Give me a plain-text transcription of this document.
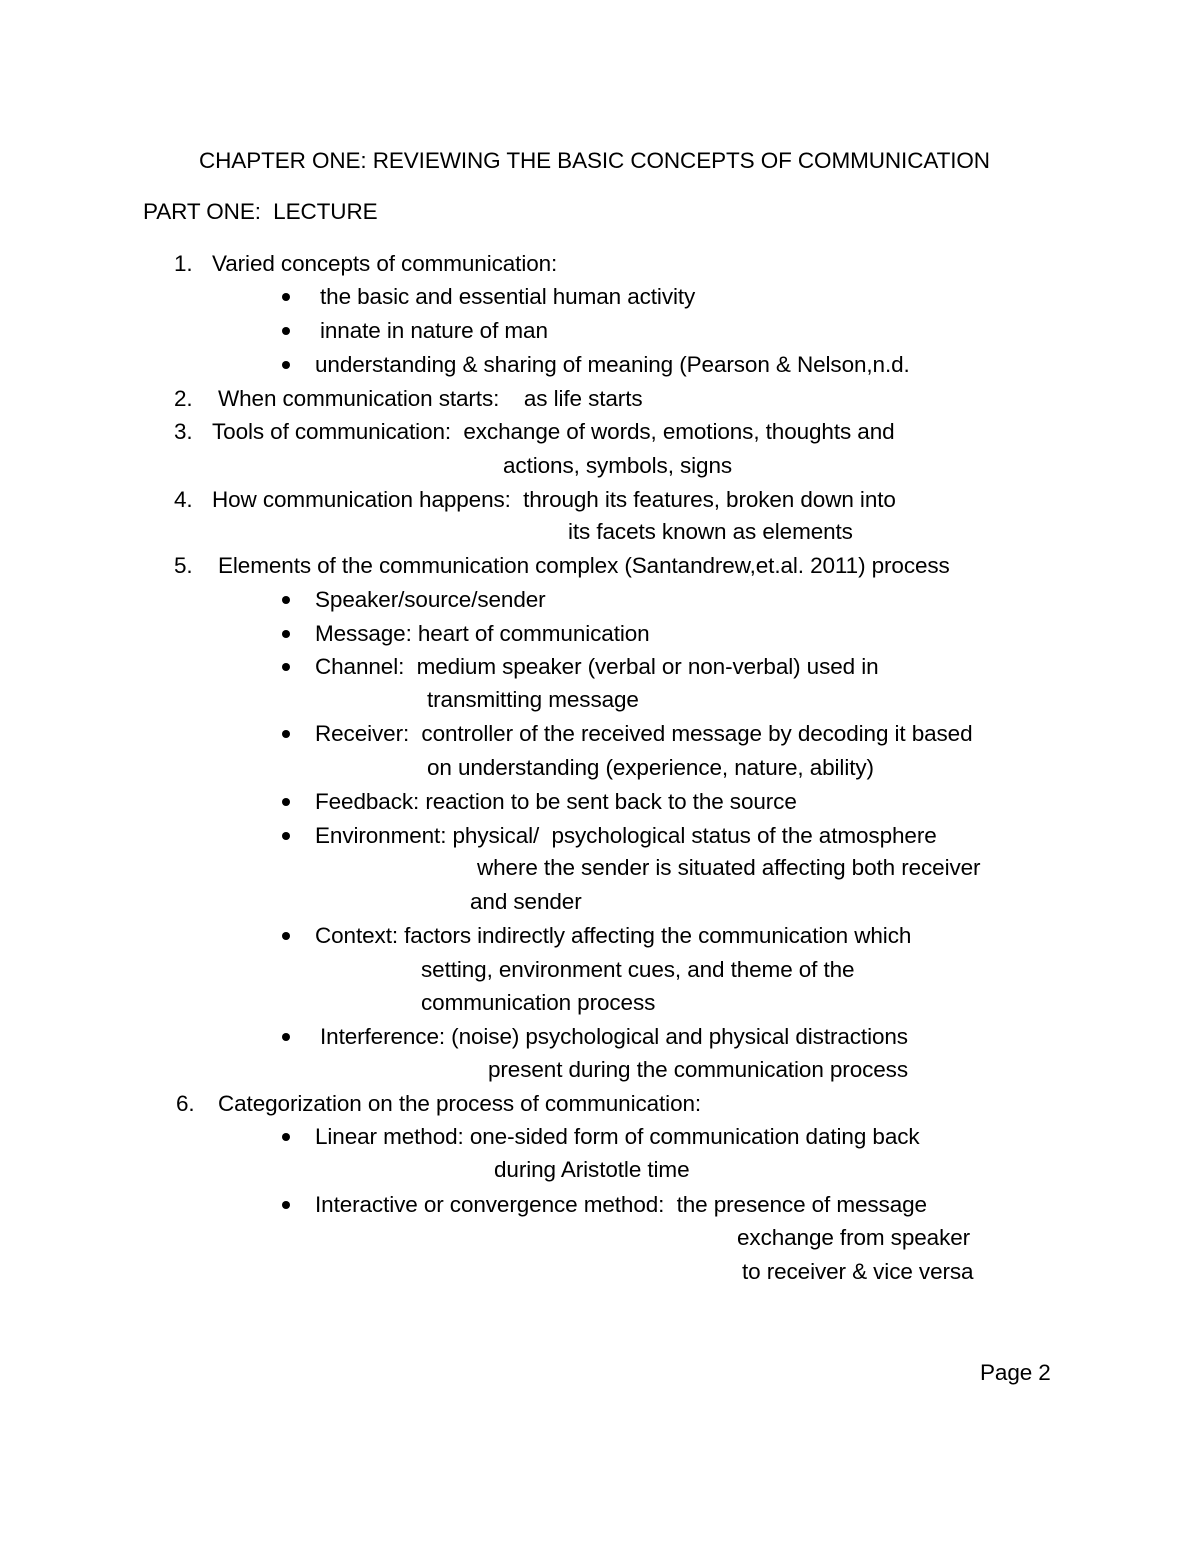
CHAPTER ONE: REVIEWING THE BASIC CONCEPTS OF COMMUNICATION
PART ONE:  LECTURE
1. Varied concepts of communication:
the basic and essential human activity
innate in nature of man
understanding & sharing of meaning (Pearson & Nelson,n.d.
2. When communication starts:    as life starts
3. Tools of communication:  exchange of words, emotions, thoughts and
actions, symbols, signs
4. How communication happens:  through its features, broken down into
its facets known as elements
5. Elements of the communication complex (Santandrew,et.al. 2011) process
Speaker/source/sender
Message: heart of communication
Channel:  medium speaker (verbal or non-verbal) used in
transmitting message
Receiver:  controller of the received message by decoding it based
on understanding (experience, nature, ability)
Feedback: reaction to be sent back to the source
Environment: physical/  psychological status of the atmosphere
where the sender is situated affecting both receiver
and sender
Context: factors indirectly affecting the communication which
setting, environment cues, and theme of the
communication process
Interference: (noise) psychological and physical distractions
present during the communication process
6. Categorization on the process of communication:
Linear method: one-sided form of communication dating back
during Aristotle time
Interactive or convergence method:  the presence of message
exchange from speaker
to receiver & vice versa
Page 2
